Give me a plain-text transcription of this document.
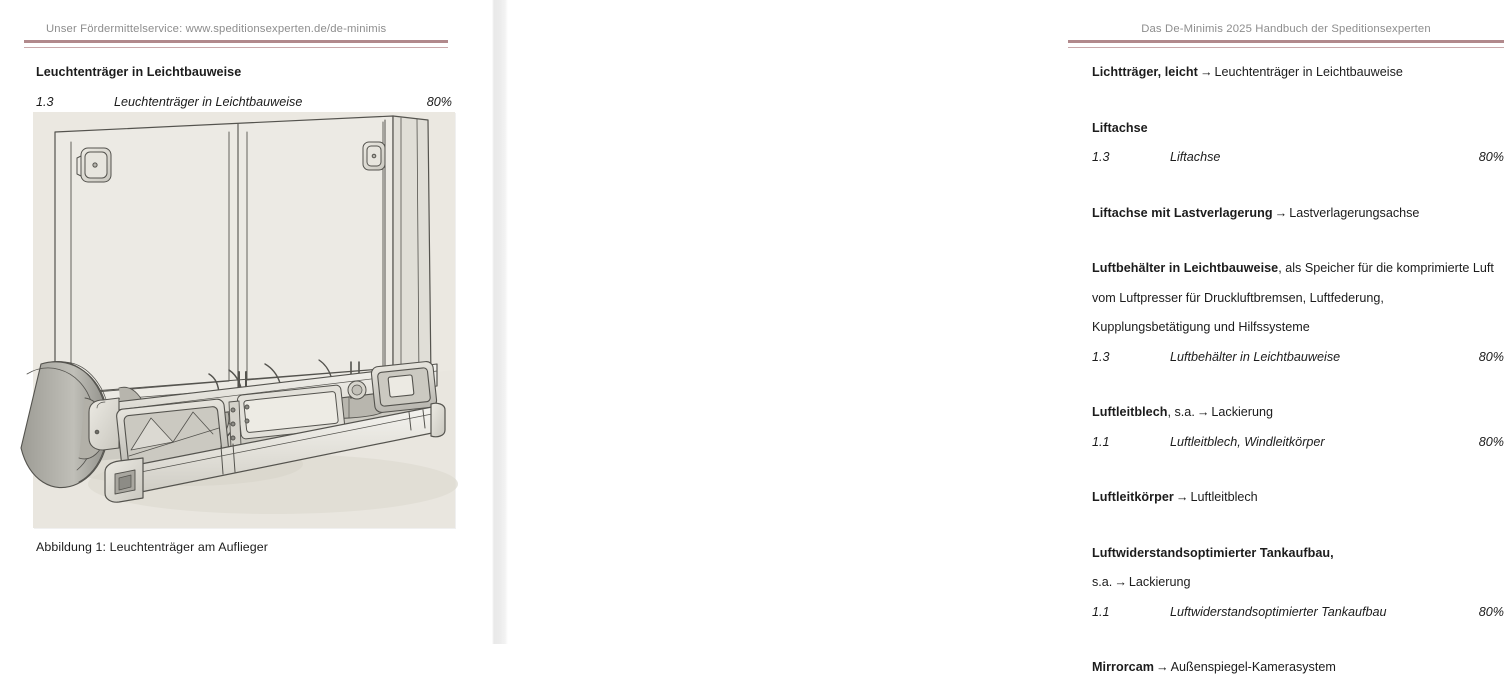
Unser Fördermittelservice: www.speditionsexperten.de/de-minimis
Leuchtenträger in Leichtbauweise
1.3	Leuchtenträger in Leichtbauweise	80%
Abbildung 1: Leuchtenträger am Auflieger
Das De-Minimis 2025 Handbuch der Speditionsexperten
Lichtträger, leicht → Leuchtenträger in Leichtbauweise
Liftachse
1.3	Liftachse	80%
Liftachse mit Lastverlagerung → Lastverlagerungsachse
Luftbehälter in Leichtbauweise, als Speicher für die komprimierte Luft vom Luftpresser für Druckluftbremsen, Luftfederung, Kupplungsbetätigung und Hilfssysteme
1.3	Luftbehälter in Leichtbauweise	80%
Luftleitblech, s.a. → Lackierung
1.1	Luftleitblech, Windleitkörper	80%
Luftleitkörper → Luftleitblech
Luftwiderstandsoptimierter Tankaufbau,
s.a. → Lackierung
1.1	Luftwiderstandsoptimierter Tankaufbau	80%
Mirrorcam → Außenspiegel-Kamerasystem
